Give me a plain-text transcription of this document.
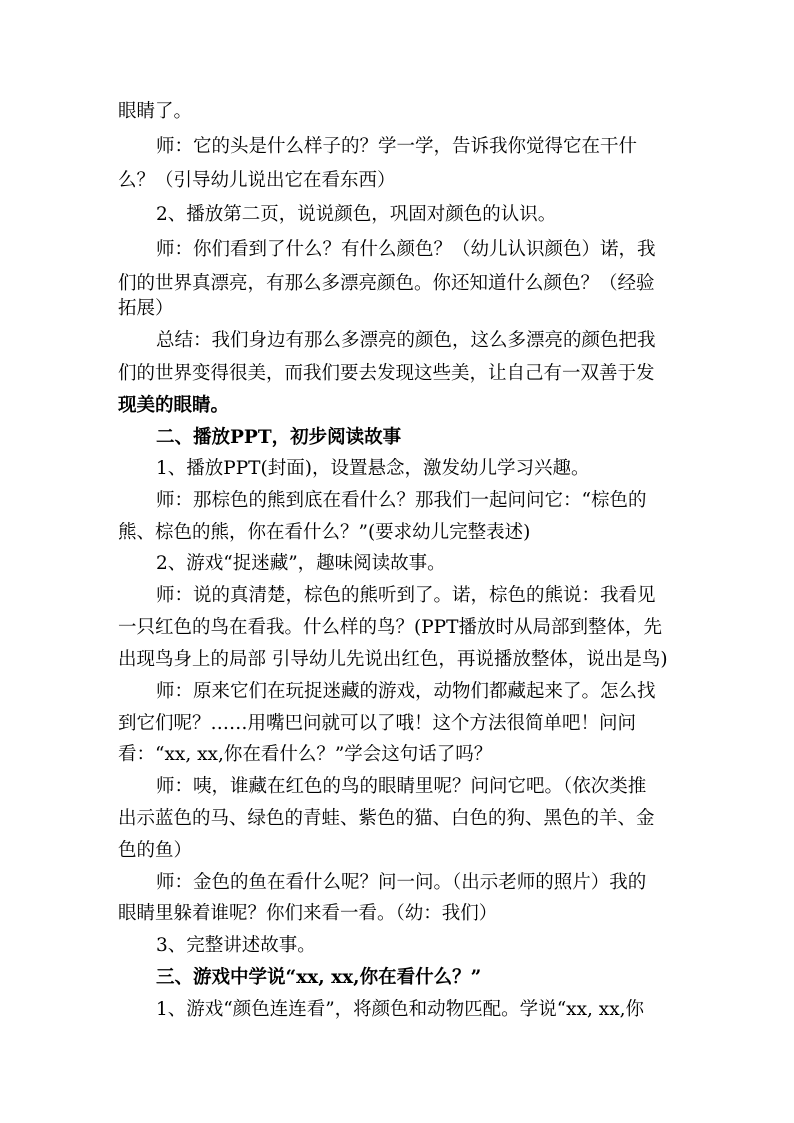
眼睛了。

师：它的头是什么样子的？学一学，告诉我你觉得它在干什

么？（引导幼儿说出它在看东西）

2、播放第二页，说说颜色，巩固对颜色的认识。

师：你们看到了什么？有什么颜色？（幼儿认识颜色）诺，我

们的世界真漂亮，有那么多漂亮颜色。你还知道什么颜色？（经验

拓展）

总结：我们身边有那么多漂亮的颜色，这么多漂亮的颜色把我

们的世界变得很美，而我们要去发现这些美，让自己有一双善于发

现美的眼睛。

二、播放PPT，初步阅读故事

1、播放PPT(封面)，设置悬念，激发幼儿学习兴趣。

师：那棕色的熊到底在看什么？那我们一起问问它：“棕色的

熊、棕色的熊，你在看什么？”(要求幼儿完整表述)

2、游戏“捉迷藏”，趣味阅读故事。

师：说的真清楚，棕色的熊听到了。诺，棕色的熊说：我看见

一只红色的鸟在看我。什么样的鸟？(PPT播放时从局部到整体，先

出现鸟身上的局部 引导幼儿先说出红色，再说播放整体，说出是鸟)

师：原来它们在玩捉迷藏的游戏，动物们都藏起来了。怎么找

到它们呢？……用嘴巴问就可以了哦！这个方法很简单吧！问问

看：“xx, xx,你在看什么？”学会这句话了吗？

师：咦，谁藏在红色的鸟的眼睛里呢？问问它吧。（依次类推

出示蓝色的马、绿色的青蛙、紫色的猫、白色的狗、黑色的羊、金

色的鱼）

师：金色的鱼在看什么呢？问一问。（出示老师的照片）我的

眼睛里躲着谁呢？你们来看一看。（幼：我们）

3、完整讲述故事。

三、游戏中学说“xx, xx,你在看什么？”

1、游戏“颜色连连看”，将颜色和动物匹配。学说“xx, xx,你
